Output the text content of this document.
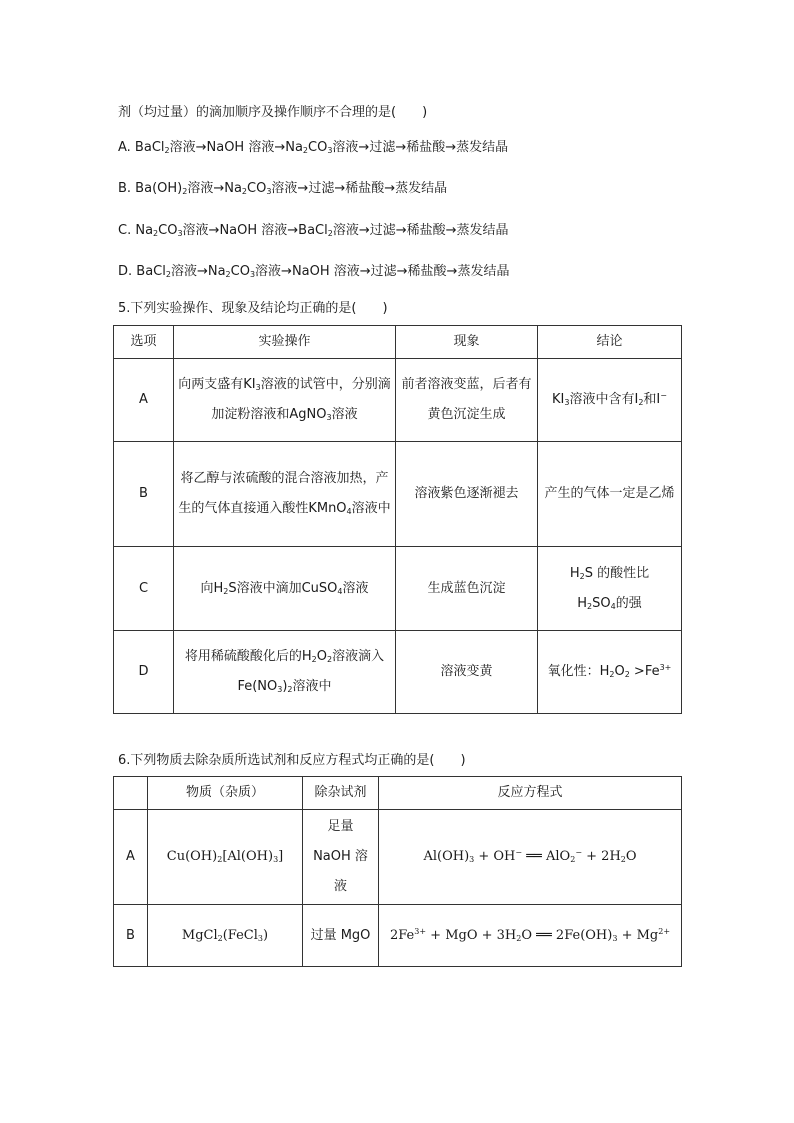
剂（均过量）的滴加顺序及操作顺序不合理的是(　　)
A. BaCl$_2$溶液→NaOH 溶液$\to Na_2CO_3$溶液→过滤→稀盐酸→蒸发结晶
B. $Ba(OH)_2$溶液$\to Na_2CO_3$溶液→过滤→稀盐酸→蒸发结晶
C. $Na_2CO_3$溶液→NaOH 溶液→BaCl$_2$溶液→过滤→稀盐酸→蒸发结晶
D. BaCl$_2$溶液$\to Na_2CO_3$溶液→NaOH 溶液→过滤→稀盐酸→蒸发结晶
5.下列实验操作、现象及结论均正确的是(　　)
选项	实验操作	现象	结论
A	向两支盛有$KI_3$溶液的试管中，分别滴加淀粉溶液和AgNO$_3$溶液	前者溶液变蓝，后者有黄色沉淀生成	$KI_3$溶液中含有$I_2$和I−
B	将乙醇与浓硫酸的混合溶液加热，产生的气体直接通入酸性KMnO$_4$溶液中	溶液紫色逐渐褪去	产生的气体一定是乙烯
C	向$H_2S$溶液中滴加CuSO$_4$溶液	生成蓝色沉淀	$H_2S$ 的酸性比
$H_2SO_4$的强
D	将用稀硫酸酸化后的$H_2O_2$溶液滴入$Fe(NO_3)_2$溶液中	溶液变黄	氧化性：$H_2O_2 >Fe^{3+}$
6.下列物质去除杂质所选试剂和反应方程式均正确的是(　　)
	物质（杂质）	除杂试剂	反应方程式
A	$Cu(OH)_2[Al(OH)_3]$	足量
NaOH 溶
液	$Al(OH)_3 + OH^-$ ══ $AlO_2^- + 2H_2O$
B	MgCl$_2$(FeCl$_3$)	过量 MgO	$2Fe^{3+}$ + MgO + $3H_2O$ ══ $2Fe(OH)_3 + Mg^{2+}$
